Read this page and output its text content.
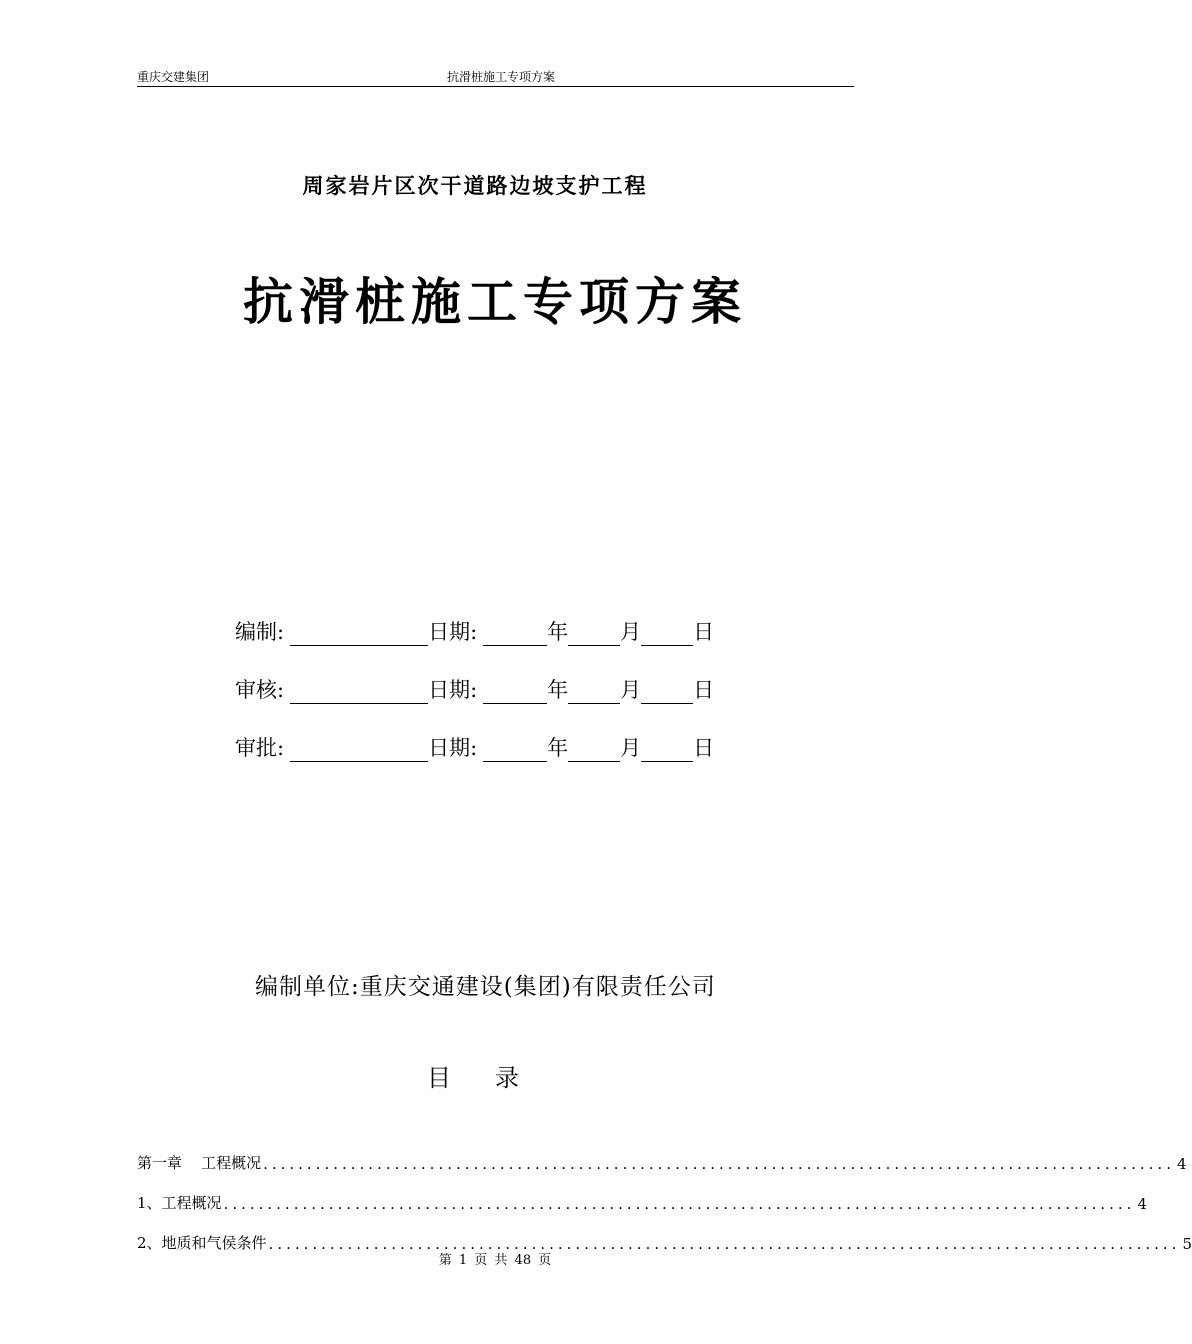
重庆交建集团	抗滑桩施工专项方案
周家岩片区次干道路边坡支护工程
抗滑桩施工专项方案
编制:	日期:	年 月 日
审核:	日期:	年 月 日
审批:	日期:	年 月 日
编制单位:重庆交通建设(集团)有限责任公司
目录
第一章    工程概况 ........................................................................................................ 4
1、工程概况 ........................................................................................................ 4
2、地质和气侯条件 ........................................................................................................ 5
第 1 页 共 48 页
